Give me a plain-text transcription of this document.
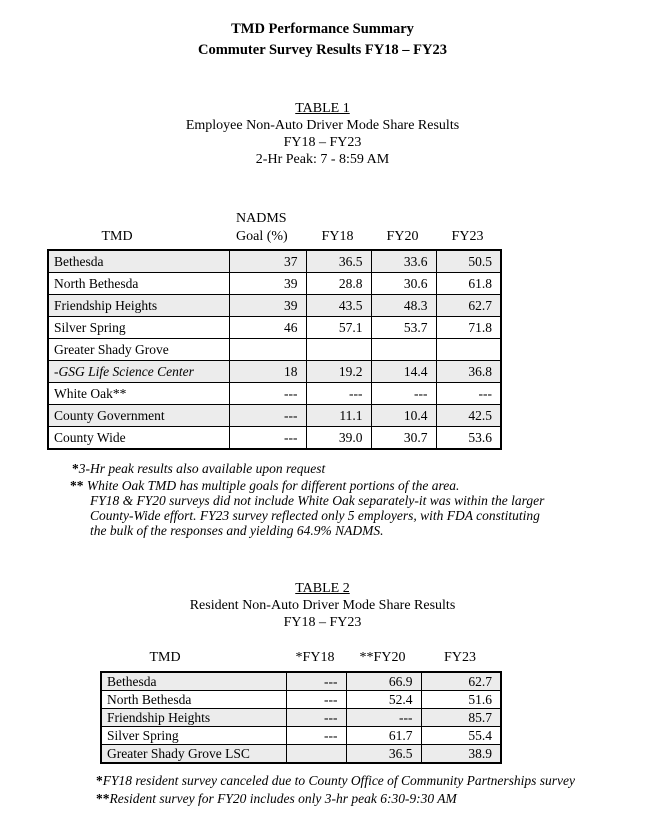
TMD Performance Summary
Commuter Survey Results FY18 – FY23
TABLE 1
Employee Non-Auto Driver Mode Share Results
FY18 – FY23
2-Hr Peak: 7 - 8:59 AM
TMD
NADMS
Goal (%)	FY18	FY20	FY23
Bethesda	37	36.5	33.6	50.5
North Bethesda	39	28.8	30.6	61.8
Friendship Heights	39	43.5	48.3	62.7
Silver Spring	46	57.1	53.7	71.8
Greater Shady Grove				
-GSG Life Science Center	18	19.2	14.4	36.8
White Oak**	---	---	---	---
County Government	---	11.1	10.4	42.5
County Wide	---	39.0	30.7	53.6
*3-Hr peak results also available upon request
** White Oak TMD has multiple goals for different portions of the area.
FY18 & FY20 surveys did not include White Oak separately-it was within the larger
County-Wide effort. FY23 survey reflected only 5 employers, with FDA constituting
the bulk of the responses and yielding 64.9% NADMS.
TABLE 2
Resident Non-Auto Driver Mode Share Results
FY18 – FY23
TMD	*FY18	**FY20	FY23
Bethesda	---	66.9	62.7
North Bethesda	---	52.4	51.6
Friendship Heights	---	---	85.7
Silver Spring	---	61.7	55.4
Greater Shady Grove LSC		36.5	38.9
*FY18 resident survey canceled due to County Office of Community Partnerships survey
**Resident survey for FY20 includes only 3-hr peak 6:30-9:30 AM
